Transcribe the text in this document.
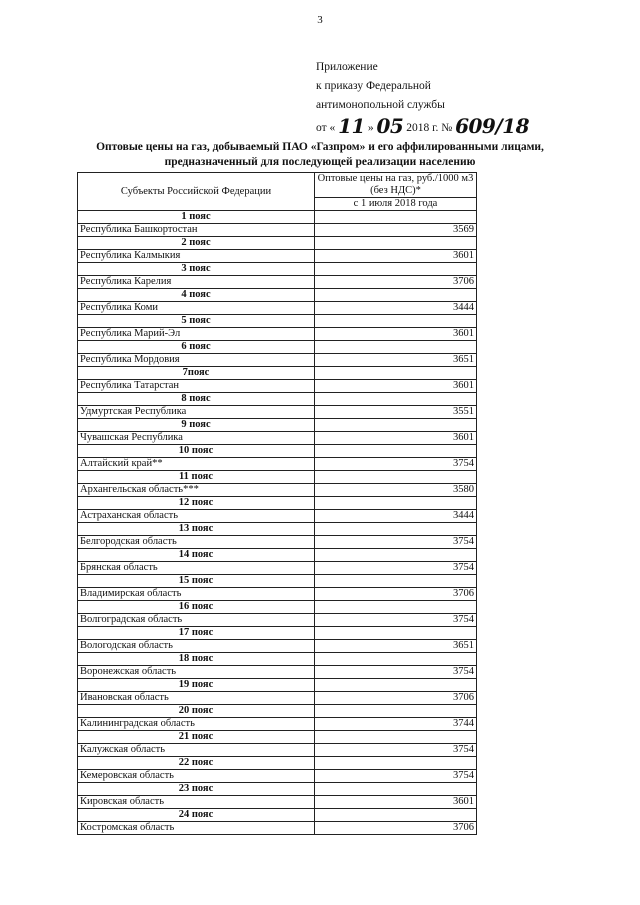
3
Приложение
к приказу Федеральной
антимонопольной службы
от « 11 » 05 2018 г. № 609/18
Оптовые цены на газ, добываемый ПАО «Газпром» и его аффилированными лицами, предназначенный для последующей реализации населению
Субъекты Российской Федерации	Оптовые цены на газ, руб./1000 м3 (без НДС)*
	с 1 июля 2018 года
1 пояс	
Республика Башкортостан	3569
2 пояс	
Республика Калмыкия	3601
3 пояс	
Республика Карелия	3706
4 пояс	
Республика Коми	3444
5 пояс	
Республика Марий-Эл	3601
6 пояс	
Республика Мордовия	3651
7пояс	
Республика Татарстан	3601
8 пояс	
Удмуртская Республика	3551
9 пояс	
Чувашская Республика	3601
10 пояс	
Алтайский край**	3754
11 пояс	
Архангельская область***	3580
12 пояс	
Астраханская область	3444
13 пояс	
Белгородская область	3754
14 пояс	
Брянская область	3754
15 пояс	
Владимирская область	3706
16 пояс	
Волгоградская область	3754
17 пояс	
Вологодская область	3651
18 пояс	
Воронежская область	3754
19 пояс	
Ивановская область	3706
20 пояс	
Калининградская область	3744
21 пояс	
Калужская область	3754
22 пояс	
Кемеровская область	3754
23 пояс	
Кировская область	3601
24 пояс	
Костромская область	3706
